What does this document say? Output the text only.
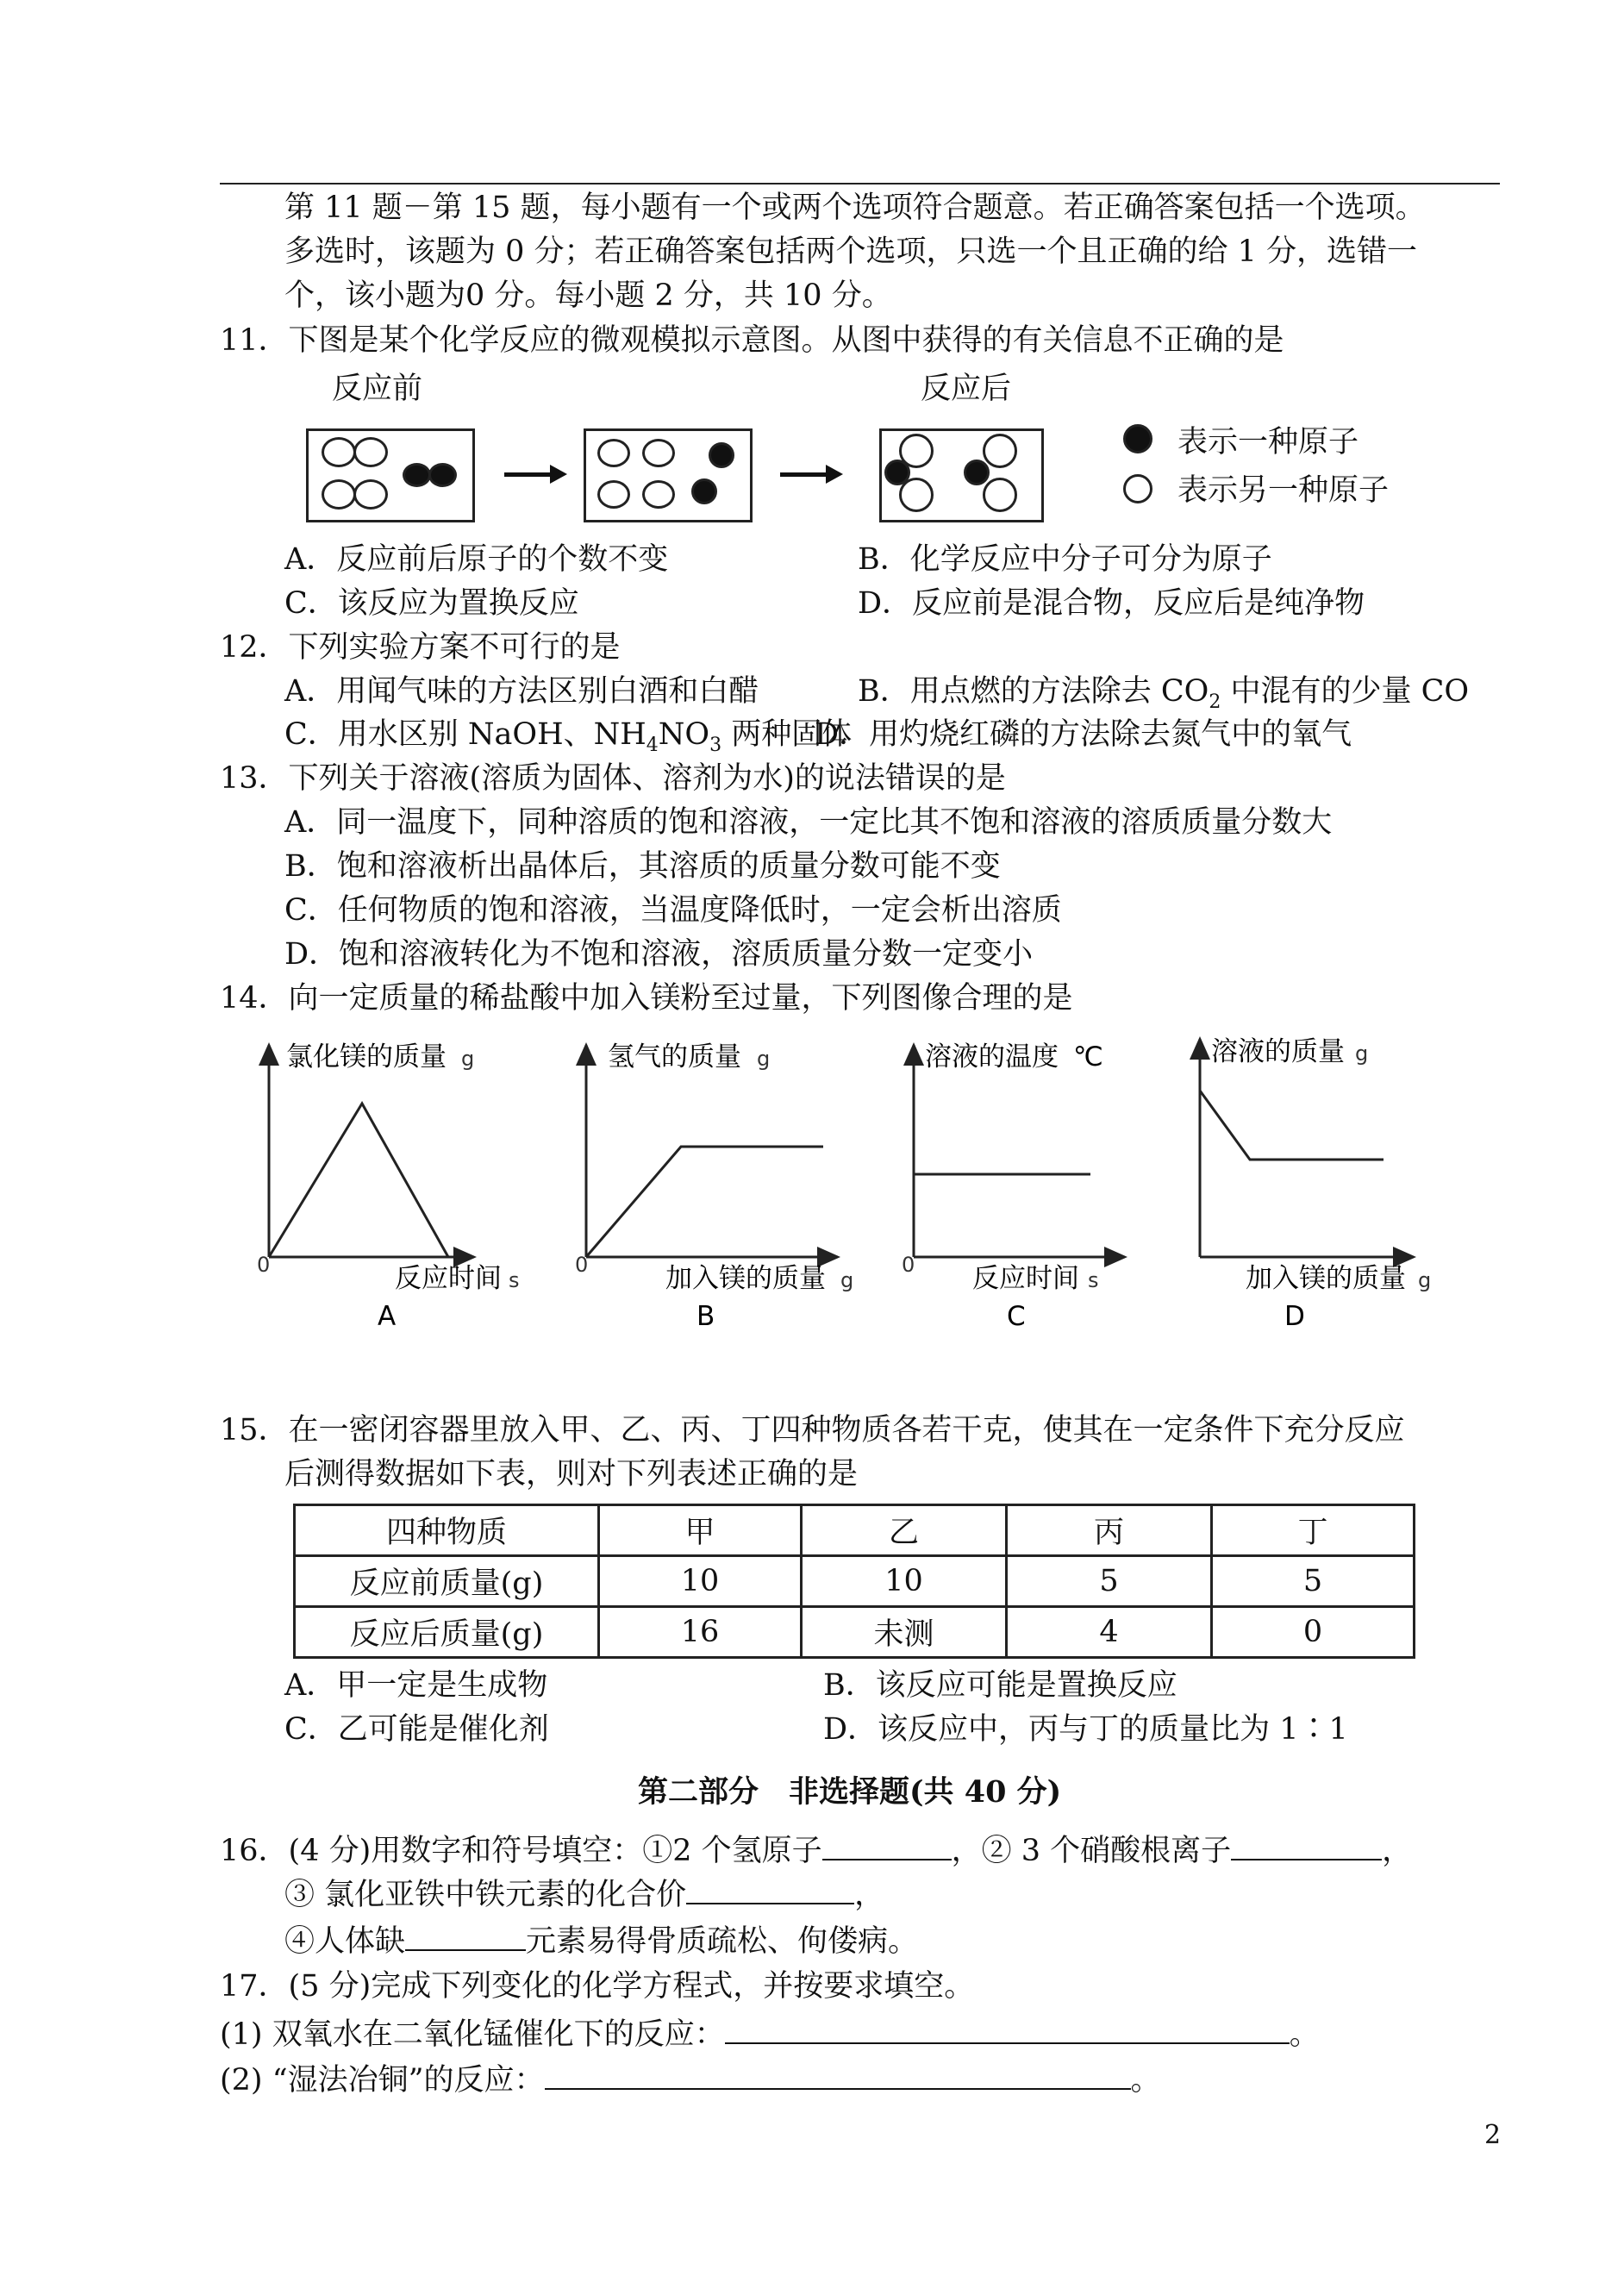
第 11 题－第 15 题，每小题有一个或两个选项符合题意。若正确答案包括一个选项。
多选时，该题为 0 分；若正确答案包括两个选项，只选一个且正确的给 1 分，选错一
个，该小题为0 分。每小题 2 分，共 10 分。
11．下图是某个化学反应的微观模拟示意图。从图中获得的有关信息不正确的是
反应前	反应后
表示一种原子
表示另一种原子
A．反应前后原子的个数不变	B．化学反应中分子可分为原子
C．该反应为置换反应	D．反应前是混合物，反应后是纯净物
12．下列实验方案不可行的是
A．用闻气味的方法区别白酒和白醋	B．用点燃的方法除去 $CO_2$ 中混有的少量 CO
C．用水区别 NaOH、$NH_4NO_3$ 两种固体
D．用灼烧红磷的方法除去氮气中的氧气
13．下列关于溶液(溶质为固体、溶剂为水)的说法错误的是
A．同一温度下，同种溶质的饱和溶液，一定比其不饱和溶液的溶质质量分数大
B．饱和溶液析出晶体后，其溶质的质量分数可能不变
C．任何物质的饱和溶液，当温度降低时，一定会析出溶质
D．饱和溶液转化为不饱和溶液，溶质质量分数一定变小
14．向一定质量的稀盐酸中加入镁粉至过量，下列图像合理的是
氯化镁的质量 g
0	反应时间 s
A
氢气的质量 g
0	加入镁的质量 g
B
溶液的温度 ℃
0 反应时间 s
C
溶液的质量 g
加入镁的质量 g
D
15．在一密闭容器里放入甲、乙、丙、丁四种物质各若干克，使其在一定条件下充分反应
后测得数据如下表，则对下列表述正确的是
四种物质	甲	乙	丙	丁
反应前质量(g)	10	10	5	5
反应后质量(g)	16	未测	4	0
A．甲一定是生成物	B．该反应可能是置换反应
C．乙可能是催化剂	D．该反应中，丙与丁的质量比为 1∶1
第二部分　非选择题(共 40 分)
16．(4 分)用数字和符号填空：①2 个氢原子	，② 3 个硝酸根离子	，
③ 氯化亚铁中铁元素的化合价	，
④人体缺	元素易得骨质疏松、佝偻病。
17．(5 分)完成下列变化的化学方程式，并按要求填空。
(1) 双氧水在二氧化锰催化下的反应：	。
(2) “湿法冶铜”的反应：	。
2
